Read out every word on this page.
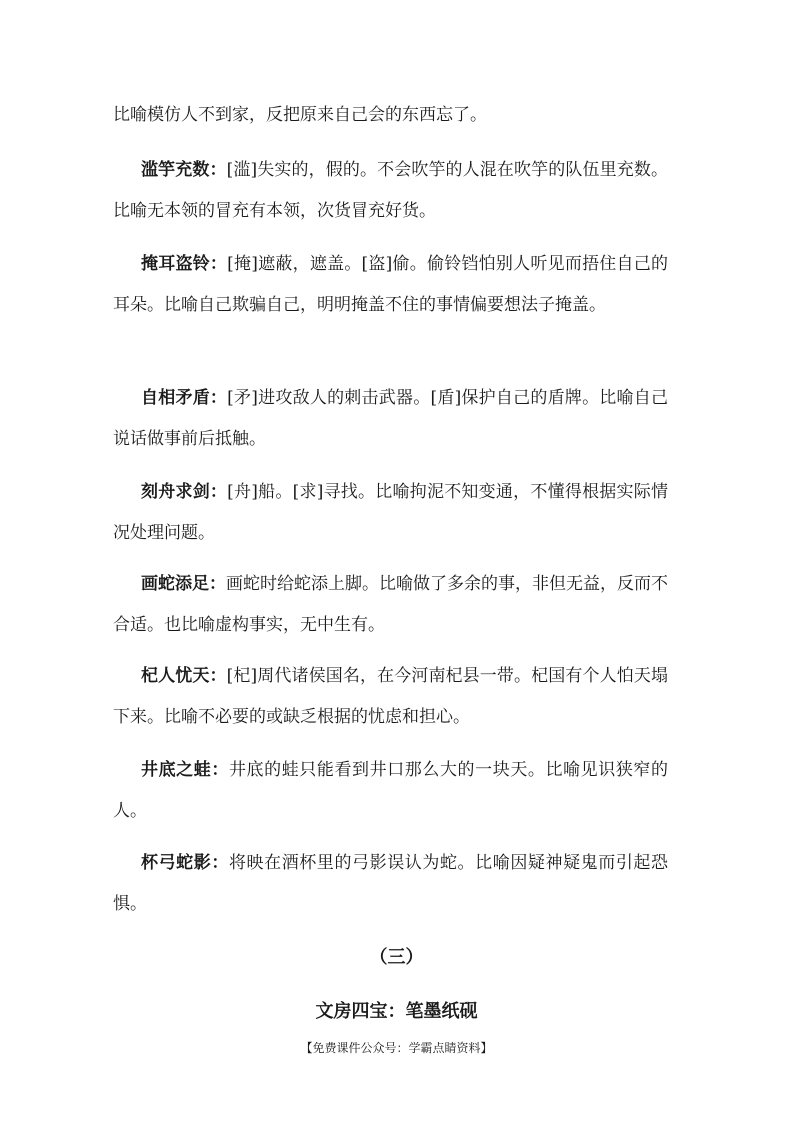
比喻模仿人不到家，反把原来自己会的东西忘了。

滥竽充数：[滥]失实的，假的。不会吹竽的人混在吹竽的队伍里充数。比喻无本领的冒充有本领，次货冒充好货。

掩耳盗铃：[掩]遮蔽，遮盖。[盗]偷。偷铃铛怕别人听见而捂住自己的耳朵。比喻自己欺骗自己，明明掩盖不住的事情偏要想法子掩盖。

自相矛盾：[矛]进攻敌人的刺击武器。[盾]保护自己的盾牌。比喻自己说话做事前后抵触。

刻舟求剑：[舟]船。[求]寻找。比喻拘泥不知变通，不懂得根据实际情况处理问题。

画蛇添足：画蛇时给蛇添上脚。比喻做了多余的事，非但无益，反而不合适。也比喻虚构事实，无中生有。

杞人忧天：[杞]周代诸侯国名，在今河南杞县一带。杞国有个人怕天塌下来。比喻不必要的或缺乏根据的忧虑和担心。

井底之蛙：井底的蛙只能看到井口那么大的一块天。比喻见识狭窄的人。

杯弓蛇影：将映在酒杯里的弓影误认为蛇。比喻因疑神疑鬼而引起恐惧。

（三）

文房四宝：笔墨纸砚

【免费课件公众号：学霸点睛资料】
